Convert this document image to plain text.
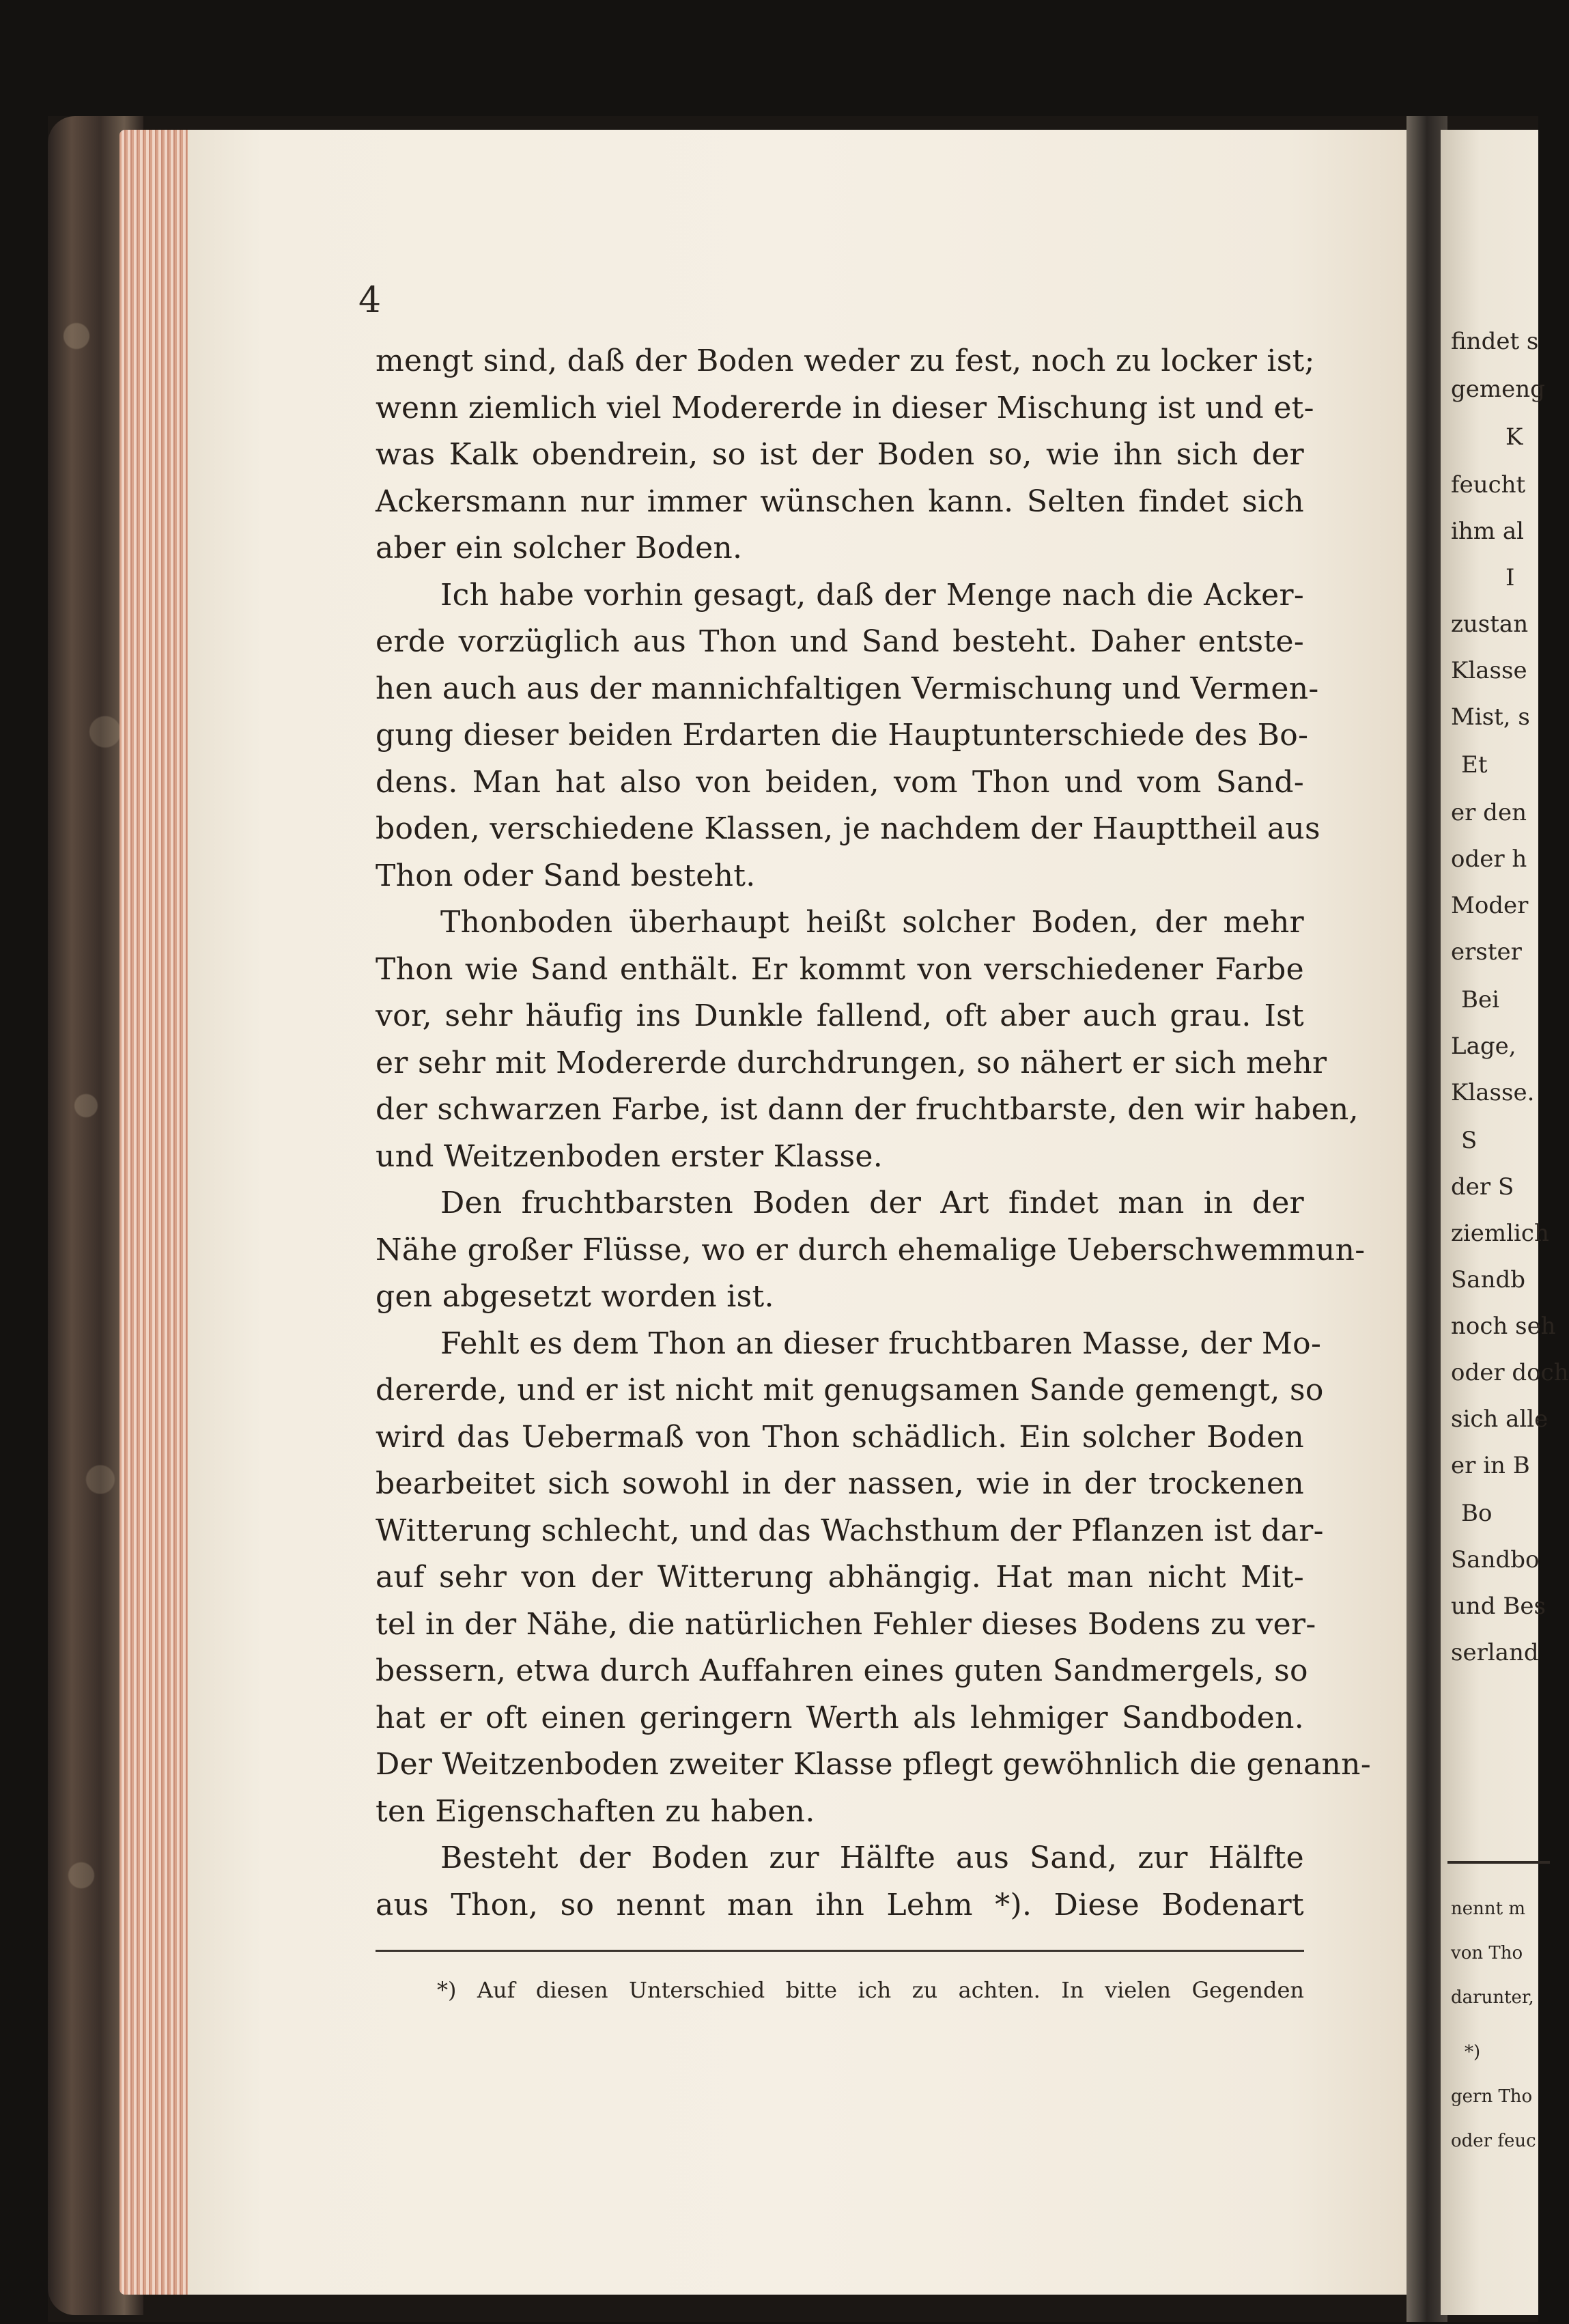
4
mengt sind, daß der Boden weder zu fest, noch zu locker ist;
wenn ziemlich viel Modererde in dieser Mischung ist und et-
was Kalk obendrein, so ist der Boden so, wie ihn sich der
Ackersmann nur immer wünschen kann. Selten findet sich
aber ein solcher Boden.
Ich habe vorhin gesagt, daß der Menge nach die Acker-
erde vorzüglich aus Thon und Sand besteht. Daher entste-
hen auch aus der mannichfaltigen Vermischung und Vermen-
gung dieser beiden Erdarten die Hauptunterschiede des Bo-
dens. Man hat also von beiden, vom Thon und vom Sand-
boden, verschiedene Klassen, je nachdem der Haupttheil aus
Thon oder Sand besteht.
Thonboden überhaupt heißt solcher Boden, der mehr
Thon wie Sand enthält. Er kommt von verschiedener Farbe
vor, sehr häufig ins Dunkle fallend, oft aber auch grau. Ist
er sehr mit Modererde durchdrungen, so nähert er sich mehr
der schwarzen Farbe, ist dann der fruchtbarste, den wir haben,
und Weitzenboden erster Klasse.
Den fruchtbarsten Boden der Art findet man in der
Nähe großer Flüsse, wo er durch ehemalige Ueberschwemmun-
gen abgesetzt worden ist.
Fehlt es dem Thon an dieser fruchtbaren Masse, der Mo-
dererde, und er ist nicht mit genugsamen Sande gemengt, so
wird das Uebermaß von Thon schädlich. Ein solcher Boden
bearbeitet sich sowohl in der nassen, wie in der trockenen
Witterung schlecht, und das Wachsthum der Pflanzen ist dar-
auf sehr von der Witterung abhängig. Hat man nicht Mit-
tel in der Nähe, die natürlichen Fehler dieses Bodens zu ver-
bessern, etwa durch Auffahren eines guten Sandmergels, so
hat er oft einen geringern Werth als lehmiger Sandboden.
Der Weitzenboden zweiter Klasse pflegt gewöhnlich die genann-
ten Eigenschaften zu haben.
Besteht der Boden zur Hälfte aus Sand, zur Hälfte
aus Thon, so nennt man ihn Lehm *). Diese Bodenart
*) Auf diesen Unterschied bitte ich zu achten. In vielen Gegenden
findet s
gemeng
K
feucht
ihm al
I
zustan
Klasse
Mist, s
Et
er den
oder h
Moder
erster
Bei
Lage,
Klasse.
S
der S
ziemlich
Sandb
noch seh
oder doch
sich alle
er in B
Bo
Sandbo
und Bes
serland
nennt m
von Tho
darunter,
*)
gern Tho
oder feuc
